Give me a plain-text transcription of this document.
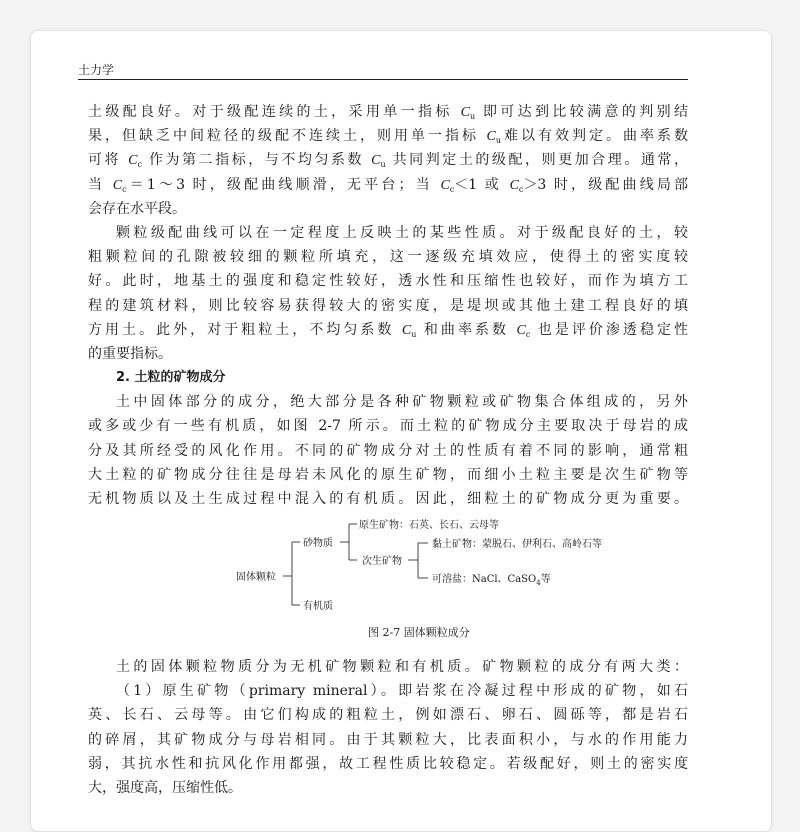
土力学
土级配良好。对于级配连续的土，采用单一指标 $C_u$ 即可达到比较满意的判别结
果，但缺乏中间粒径的级配不连续土，则用单一指标 $C_u$难以有效判定。曲率系数
可将 $C_c$ 作为第二指标，与不均匀系数 $C_u$ 共同判定土的级配，则更加合理。通常，
当 $C_c=1\sim 3$ 时，级配曲线顺滑，无平台；当 $C_c<1$ 或 $C_c>3$ 时，级配曲线局部
会存在水平段。
颗粒级配曲线可以在一定程度上反映土的某些性质。对于级配良好的土，较
粗颗粒间的孔隙被较细的颗粒所填充，这一逐级充填效应，使得土的密实度较
好。此时，地基土的强度和稳定性较好，透水性和压缩性也较好，而作为填方工
程的建筑材料，则比较容易获得较大的密实度，是堤坝或其他土建工程良好的填
方用土。此外，对于粗粒土，不均匀系数 $C_u$ 和曲率系数 $C_c$ 也是评价渗透稳定性
的重要指标。
2. 土粒的矿物成分
土中固体部分的成分，绝大部分是各种矿物颗粒或矿物集合体组成的，另外
或多或少有一些有机质，如图 2-7 所示。而土粒的矿物成分主要取决于母岩的成
分及其所经受的风化作用。不同的矿物成分对土的性质有着不同的影响，通常粗
大土粒的矿物成分往往是母岩未风化的原生矿物，而细小土粒主要是次生矿物等
无机物质以及土生成过程中混入的有机质。因此，细粒土的矿物成分更为重要。
固体颗粒
砂物质
有机质
原生矿物：石英、长石、云母等
次生矿物
黏土矿物：蒙脱石、伊利石、高岭石等
可溶盐：NaCl、CaSO$_4$等
图 2-7 固体颗粒成分
土的固体颗粒物质分为无机矿物颗粒和有机质。矿物颗粒的成分有两大类：
（1）原生矿物（primary mineral）。即岩浆在冷凝过程中形成的矿物，如石
英、长石、云母等。由它们构成的粗粒土，例如漂石、卵石、圆砾等，都是岩石
的碎屑，其矿物成分与母岩相同。由于其颗粒大，比表面积小，与水的作用能力
弱，其抗水性和抗风化作用都强，故工程性质比较稳定。若级配好，则土的密实度
大，强度高，压缩性低。
